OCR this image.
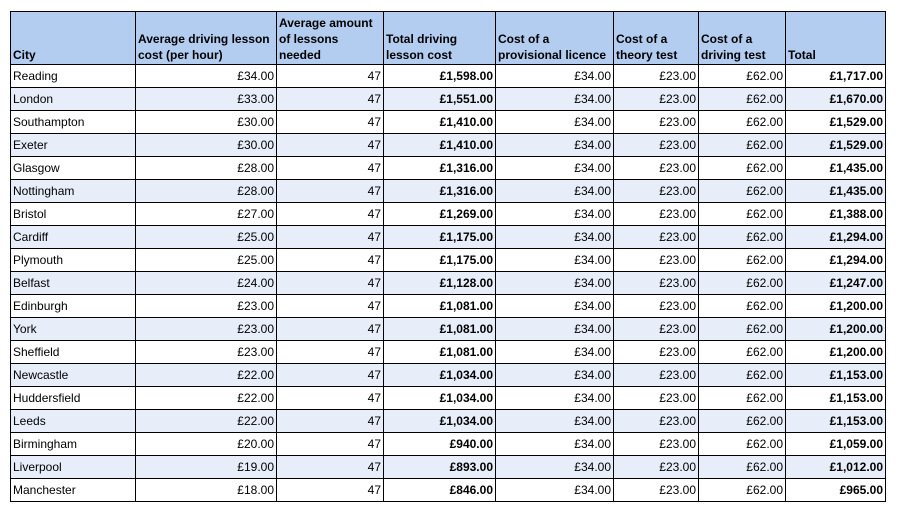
City	Average driving lesson cost (per hour)	Average amount of lessons needed	Total driving lesson cost	Cost of a provisional licence	Cost of a theory test	Cost of a driving test	Total
Reading	£34.00	47	£1,598.00	£34.00	£23.00	£62.00	£1,717.00
London	£33.00	47	£1,551.00	£34.00	£23.00	£62.00	£1,670.00
Southampton	£30.00	47	£1,410.00	£34.00	£23.00	£62.00	£1,529.00
Exeter	£30.00	47	£1,410.00	£34.00	£23.00	£62.00	£1,529.00
Glasgow	£28.00	47	£1,316.00	£34.00	£23.00	£62.00	£1,435.00
Nottingham	£28.00	47	£1,316.00	£34.00	£23.00	£62.00	£1,435.00
Bristol	£27.00	47	£1,269.00	£34.00	£23.00	£62.00	£1,388.00
Cardiff	£25.00	47	£1,175.00	£34.00	£23.00	£62.00	£1,294.00
Plymouth	£25.00	47	£1,175.00	£34.00	£23.00	£62.00	£1,294.00
Belfast	£24.00	47	£1,128.00	£34.00	£23.00	£62.00	£1,247.00
Edinburgh	£23.00	47	£1,081.00	£34.00	£23.00	£62.00	£1,200.00
York	£23.00	47	£1,081.00	£34.00	£23.00	£62.00	£1,200.00
Sheffield	£23.00	47	£1,081.00	£34.00	£23.00	£62.00	£1,200.00
Newcastle	£22.00	47	£1,034.00	£34.00	£23.00	£62.00	£1,153.00
Huddersfield	£22.00	47	£1,034.00	£34.00	£23.00	£62.00	£1,153.00
Leeds	£22.00	47	£1,034.00	£34.00	£23.00	£62.00	£1,153.00
Birmingham	£20.00	47	£940.00	£34.00	£23.00	£62.00	£1,059.00
Liverpool	£19.00	47	£893.00	£34.00	£23.00	£62.00	£1,012.00
Manchester	£18.00	47	£846.00	£34.00	£23.00	£62.00	£965.00
